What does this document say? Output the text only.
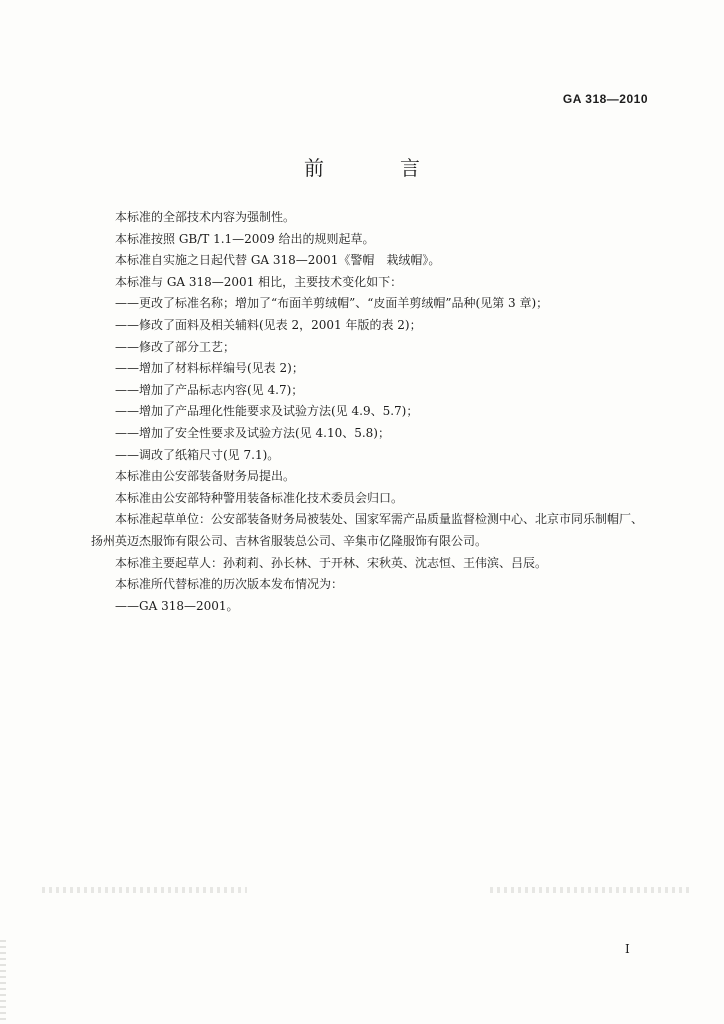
GA 318—2010
前　言
本标准的全部技术内容为强制性。
本标准按照 GB/T 1.1—2009 给出的规则起草。
本标准自实施之日起代替 GA 318—2001《警帽　栽绒帽》。
本标准与 GA 318—2001 相比，主要技术变化如下：
——更改了标准名称；增加了“布面羊剪绒帽”、“皮面羊剪绒帽”品种(见第 3 章)；
——修改了面料及相关辅料(见表 2，2001 年版的表 2)；
——修改了部分工艺；
——增加了材料标样编号(见表 2)；
——增加了产品标志内容(见 4.7)；
——增加了产品理化性能要求及试验方法(见 4.9、5.7)；
——增加了安全性要求及试验方法(见 4.10、5.8)；
——调改了纸箱尺寸(见 7.1)。
本标准由公安部装备财务局提出。
本标准由公安部特种警用装备标准化技术委员会归口。
本标准起草单位：公安部装备财务局被装处、国家军需产品质量监督检测中心、北京市同乐制帽厂、
扬州英迈杰服饰有限公司、吉林省服装总公司、辛集市亿隆服饰有限公司。
本标准主要起草人：孙莉莉、孙长林、于开林、宋秋英、沈志恒、王伟滨、吕辰。
本标准所代替标准的历次版本发布情况为：
——GA 318—2001。
I
